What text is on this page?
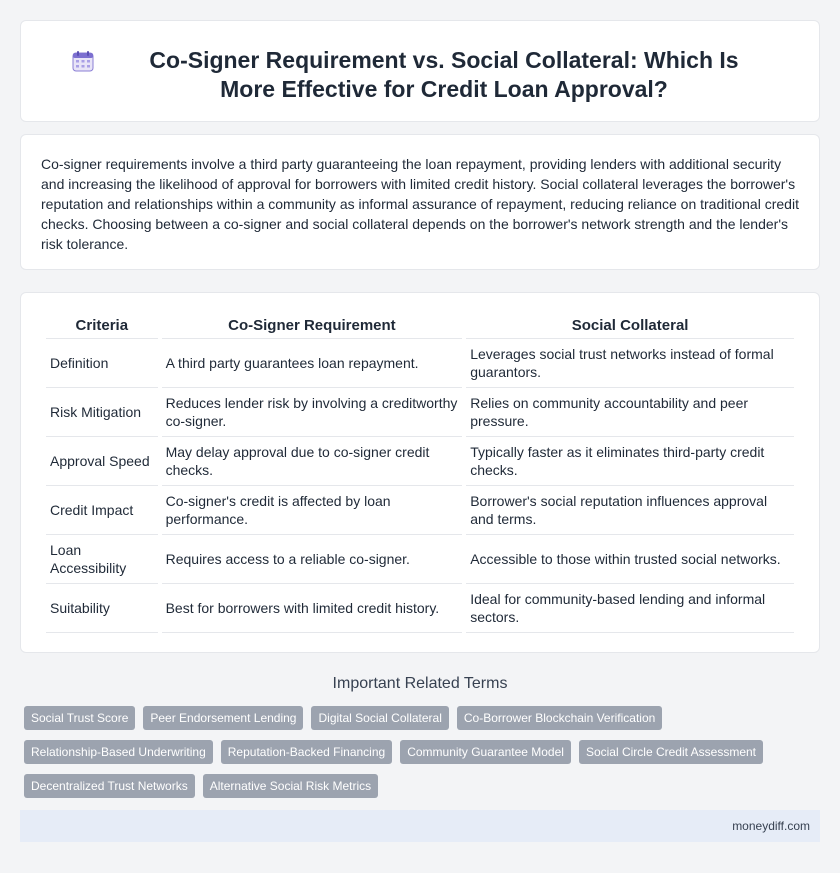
Co-Signer Requirement vs. Social Collateral: Which Is More Effective for Credit Loan Approval?

Co-signer requirements involve a third party guaranteeing the loan repayment, providing lenders with additional security and increasing the likelihood of approval for borrowers with limited credit history. Social collateral leverages the borrower's reputation and relationships within a community as informal assurance of repayment, reducing reliance on traditional credit checks. Choosing between a co-signer and social collateral depends on the borrower's network strength and the lender's risk tolerance.

Criteria	Co-Signer Requirement	Social Collateral
Definition	A third party guarantees loan repayment.	Leverages social trust networks instead of formal guarantors.
Risk Mitigation	Reduces lender risk by involving a creditworthy co-signer.	Relies on community accountability and peer pressure.
Approval Speed	May delay approval due to co-signer credit checks.	Typically faster as it eliminates third-party credit checks.
Credit Impact	Co-signer's credit is affected by loan performance.	Borrower's social reputation influences approval and terms.
Loan Accessibility	Requires access to a reliable co-signer.	Accessible to those within trusted social networks.
Suitability	Best for borrowers with limited credit history.	Ideal for community-based lending and informal sectors.
Important Related Terms
Social Trust Score	Peer Endorsement Lending	Digital Social Collateral	Co-Borrower Blockchain Verification
Relationship-Based Underwriting	Reputation-Backed Financing	Community Guarantee Model	Social Circle Credit Assessment
Decentralized Trust Networks	Alternative Social Risk Metrics
moneydiff.com
